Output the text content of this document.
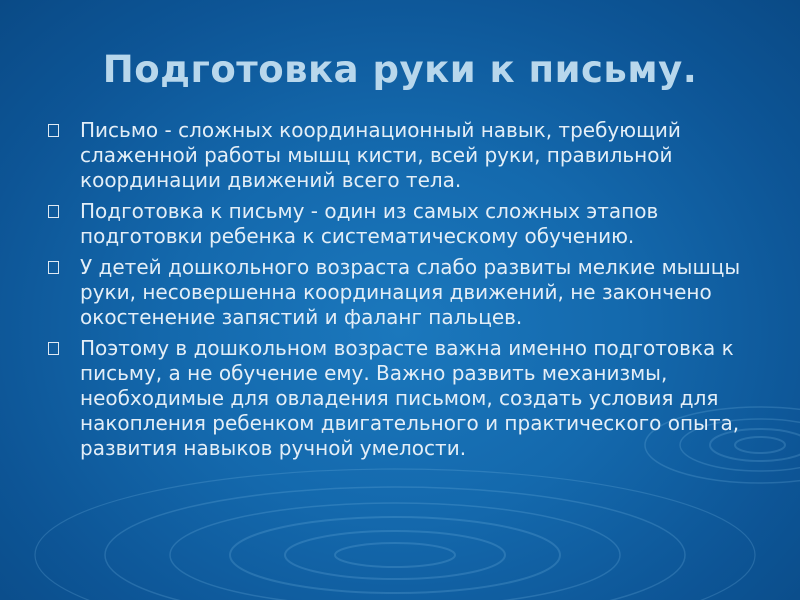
Подготовка руки к письму.
Письмо - сложных координационный навык, требующий слаженной работы мышц кисти, всей руки, правильной координации движений всего тела.
Подготовка к письму - один из самых сложных этапов подготовки ребенка к систематическому обучению.
У детей дошкольного возраста слабо развиты мелкие мышцы руки, несовершенна координация движений, не закончено окостенение запястий и фаланг пальцев.
Поэтому в дошкольном возрасте важна именно подготовка к письму, а не обучение ему. Важно развить механизмы, необходимые для овладения письмом, создать условия для накопления ребенком двигательного и практического опыта, развития навыков ручной умелости.
